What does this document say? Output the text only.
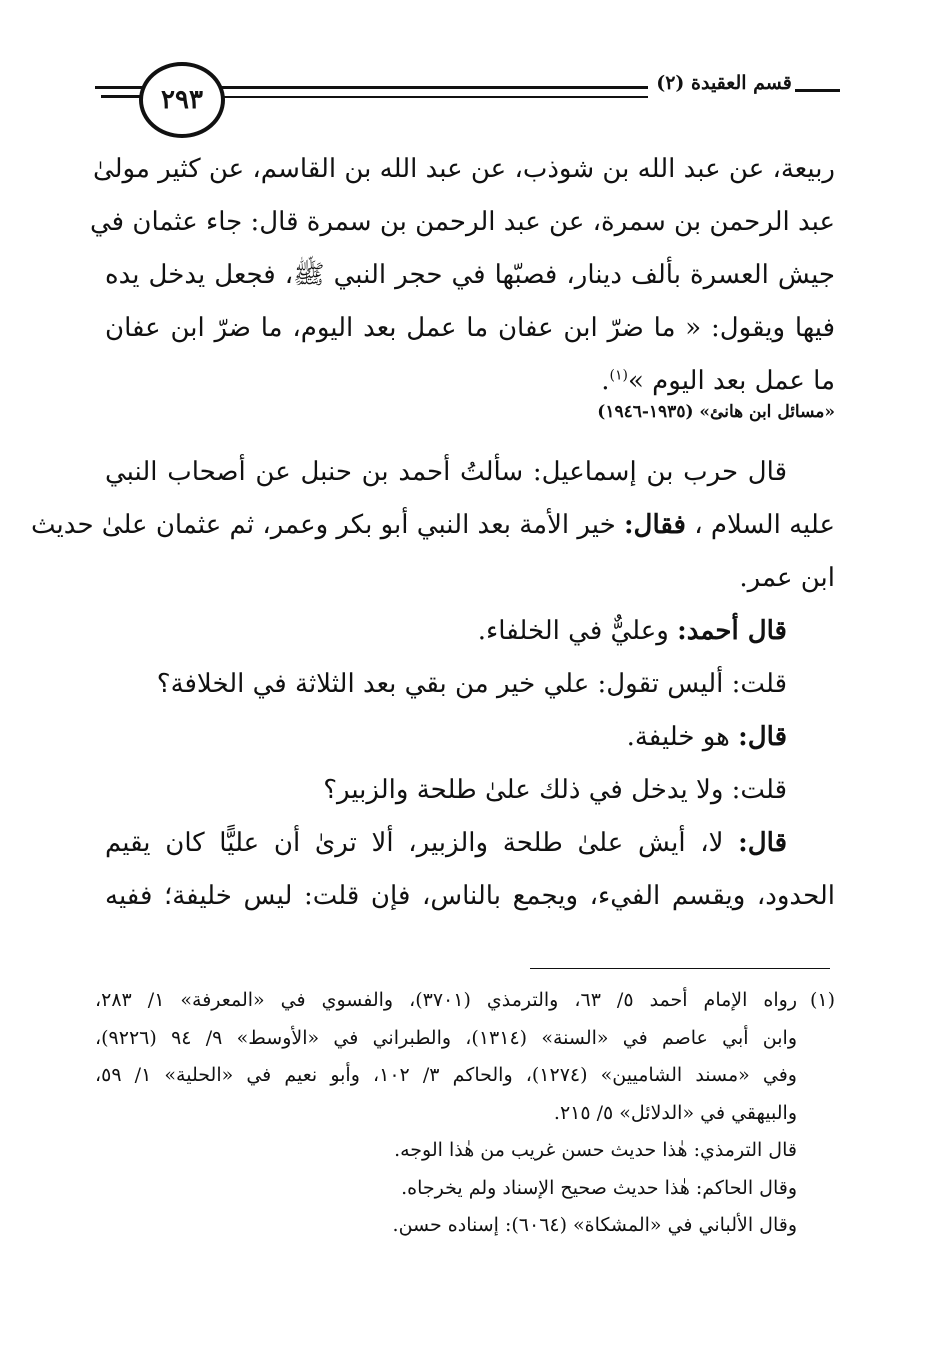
٢٩٣
قسم العقيدة (٢)
ربيعة، عن عبد الله بن شوذب، عن عبد الله بن القاسم، عن كثير مولىٰ
عبد الرحمن بن سمرة، عن عبد الرحمن بن سمرة قال: جاء عثمان في
جيش العسرة بألف دينار، فصبّها في حجر النبي ﷺ، فجعل يدخل يده
فيها ويقول: « ما ضرّ ابن عفان ما عمل بعد اليوم، ما ضرّ ابن عفان
ما عمل بعد اليوم »$^{(١)}$.
«مسائل ابن هانئ» (١٩٣٥-١٩٤٦)
قال حرب بن إسماعيل: سألتُ أحمد بن حنبل عن أصحاب النبي
عليه السلام ، فقال: خير الأمة بعد النبي أبو بكر وعمر، ثم عثمان علىٰ حديث
ابن عمر.
قال أحمد: وعليٌّ في الخلفاء.
قلت: أليس تقول: علي خير من بقي بعد الثلاثة في الخلافة؟
قال: هو خليفة.
قلت: ولا يدخل في ذلك علىٰ طلحة والزبير؟
قال: لا، أيش علىٰ طلحة والزبير، ألا ترىٰ أن عليًّا كان يقيم
الحدود، ويقسم الفيء، ويجمع بالناس، فإن قلت: ليس خليفة؛ ففيه
(١)رواه الإمام أحمد ٥/ ٦٣، والترمذي (٣٧٠١)، والفسوي في «المعرفة» ١/ ٢٨٣،
وابن أبي عاصم في «السنة» (١٣١٤)، والطبراني في «الأوسط» ٩/ ٩٤ (٩٢٢٦)،
وفي «مسند الشاميين» (١٢٧٤)، والحاكم ٣/ ١٠٢، وأبو نعيم في «الحلية» ١/ ٥٩،
والبيهقي في «الدلائل» ٥/ ٢١٥.
قال الترمذي: هٰذا حديث حسن غريب من هٰذا الوجه.
وقال الحاكم: هٰذا حديث صحيح الإسناد ولم يخرجاه.
وقال الألباني في «المشكاة» (٦٠٦٤): إسناده حسن.
